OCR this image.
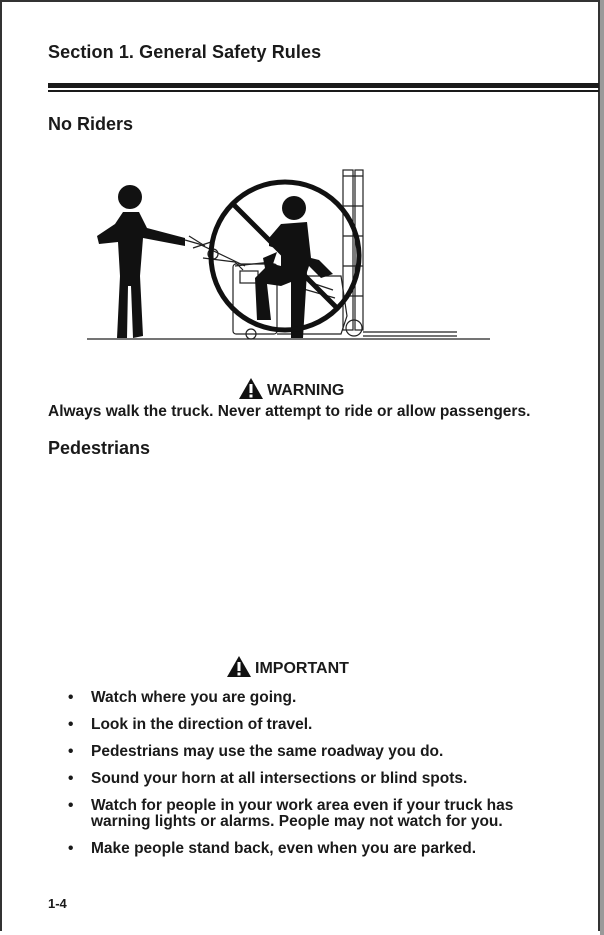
Section 1. General Safety Rules
No Riders
WARNING
Always walk the truck. Never attempt to ride or allow passengers.
Pedestrians
IMPORTANT
• Watch where you are going.
• Look in the direction of travel.
• Pedestrians may use the same roadway you do.
• Sound your horn at all intersections or blind spots.
• Watch for people in your work area even if your truck has warning lights or alarms. People may not watch for you.
• Make people stand back, even when you are parked.
1-4
